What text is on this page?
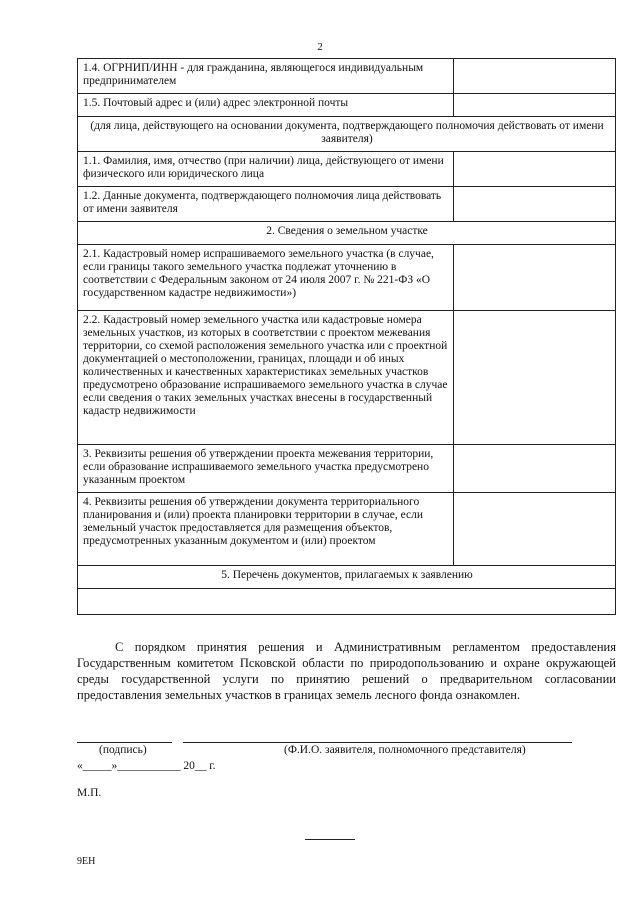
2
1.4. ОГРНИП/ИНН - для гражданина, являющегося индивидуальным предпринимателем	
1.5. Почтовый адрес и (или) адрес электронной почты	
(для лица, действующего на основании документа, подтверждающего полномочия действовать от имени заявителя)	
1.1. Фамилия, имя, отчество (при наличии) лица, действующего от имени физического или юридического лица	
1.2. Данные документа, подтверждающего полномочия лица действовать от имени заявителя	
2. Сведения о земельном участке	
2.1. Кадастровый номер испрашиваемого земельного участка (в случае, если границы такого земельного участка подлежат уточнению в соответствии с Федеральным законом от 24 июля 2007 г. № 221-ФЗ «О государственном кадастре недвижимости»)	
2.2. Кадастровый номер земельного участка или кадастровые номера земельных участков, из которых в соответствии с проектом межевания территории, со схемой расположения земельного участка или с проектной документацией о местоположении, границах, площади и об иных количественных и качественных характеристиках земельных участков предусмотрено образование испрашиваемого земельного участка в случае если сведения о таких земельных участках внесены в государственный кадастр недвижимости	
3. Реквизиты решения об утверждении проекта межевания территории, если образование испрашиваемого земельного участка предусмотрено указанным проектом	
4. Реквизиты решения об утверждении документа территориального планирования и (или) проекта планировки территории в случае, если земельный участок предоставляется для размещения объектов, предусмотренных указанным документом и (или) проектом	
5. Перечень документов, прилагаемых к заявлению	

С порядком принятия решения и Административным регламентом предоставления Государственным комитетом Псковской области по природопользованию и охране окружающей среды государственной услуги по принятию решений о предварительном согласовании предоставления земельных участков в границах земель лесного фонда ознакомлен.
(подпись)	(Ф.И.О. заявителя, полномочного представителя)
«_____»___________ 20__ г.
М.П.
9ЕН
